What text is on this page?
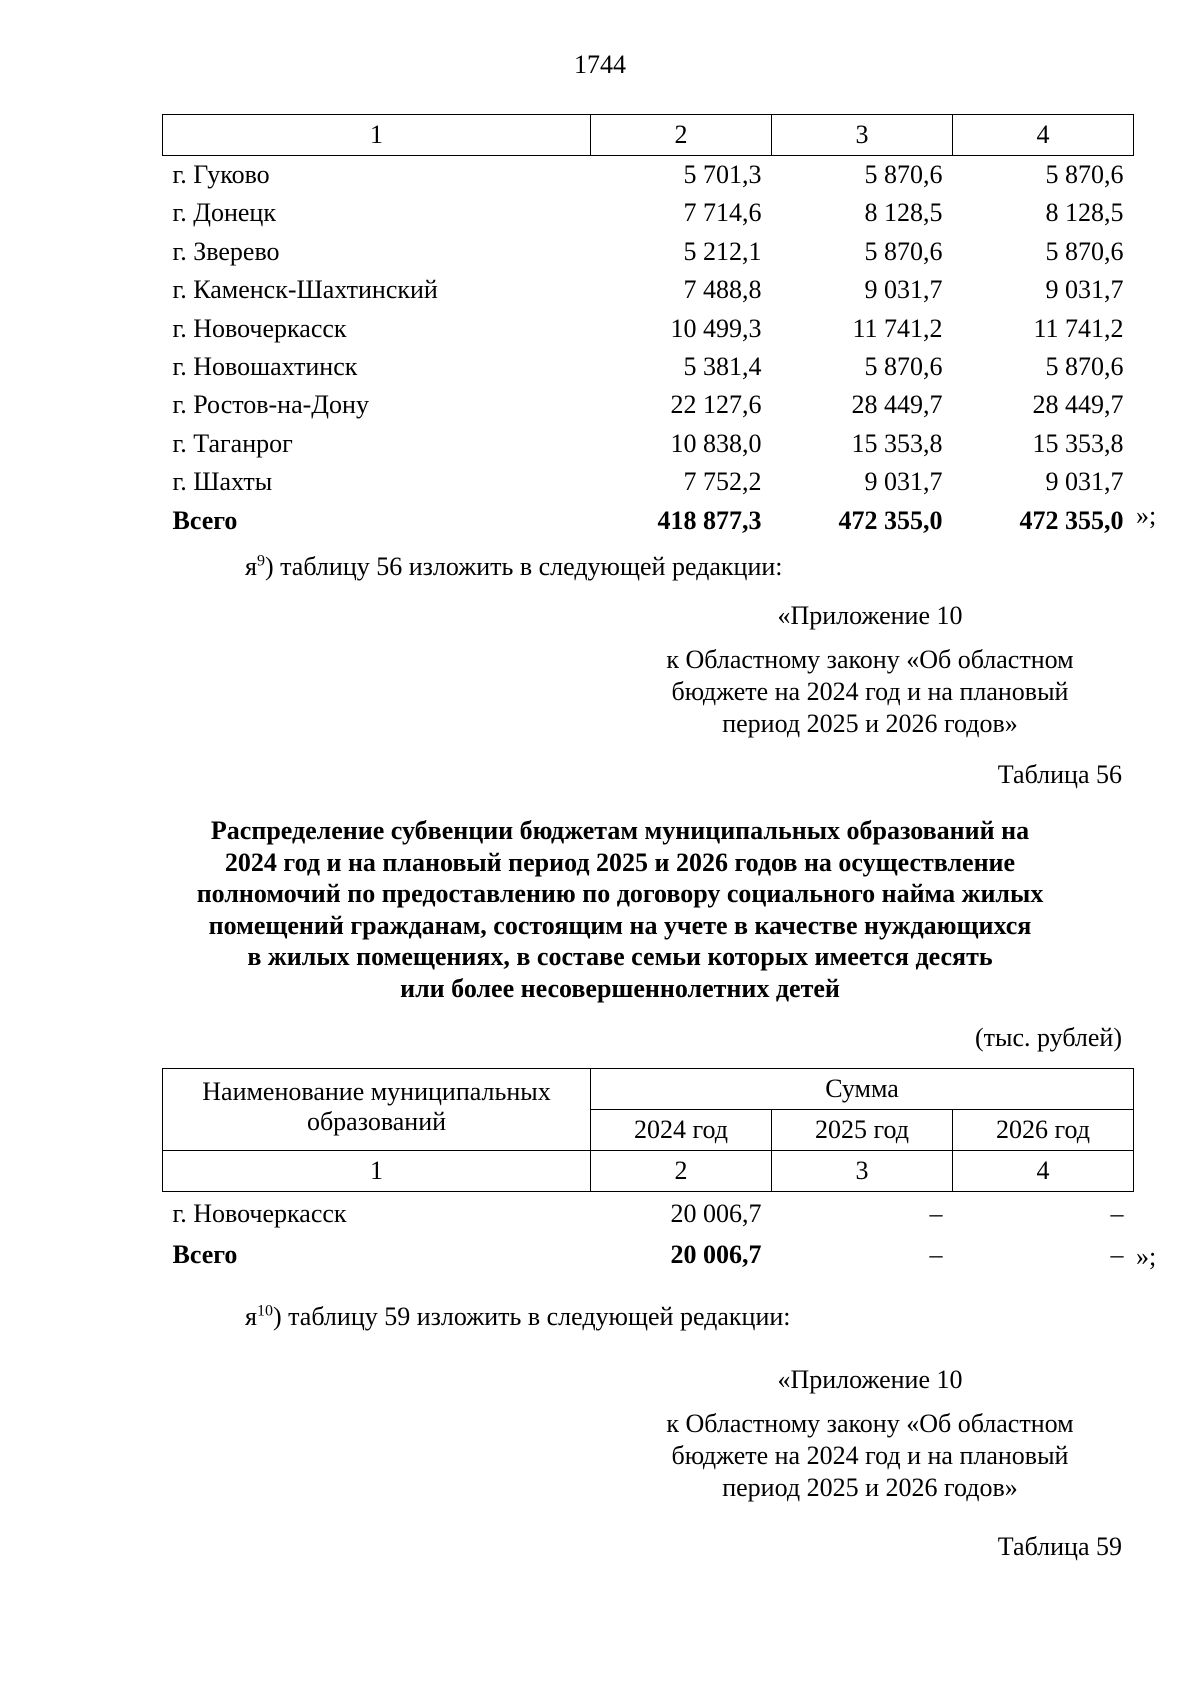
1744
1	2	3	4
г. Гуково	5 701,3	5 870,6	5 870,6
г. Донецк	7 714,6	8 128,5	8 128,5
г. Зверево	5 212,1	5 870,6	5 870,6
г. Каменск-Шахтинский	7 488,8	9 031,7	9 031,7
г. Новочеркасск	10 499,3	11 741,2	11 741,2
г. Новошахтинск	5 381,4	5 870,6	5 870,6
г. Ростов-на-Дону	22 127,6	28 449,7	28 449,7
г. Таганрог	10 838,0	15 353,8	15 353,8
г. Шахты	7 752,2	9 031,7	9 031,7
Всего	418 877,3	472 355,0	472 355,0 »;
$я^9$) таблицу 56 изложить в следующей редакции:
«Приложение 10
к Областному закону «Об областном
бюджете на 2024 год и на плановый
период 2025 и 2026 годов»
Таблица 56
Распределение субвенции бюджетам муниципальных образований на
2024 год и на плановый период 2025 и 2026 годов на осуществление
полномочий по предоставлению по договору социального найма жилых
помещений гражданам, состоящим на учете в качестве нуждающихся
в жилых помещениях, в составе семьи которых имеется десять
или более несовершеннолетних детей
(тыс. рублей)
Наименование муниципальных
образований	Сумма		
	2024 год	2025 год	2026 год
1	2	3	4
г. Новочеркасск	20 006,7	–	–
Всего	20 006,7	–	– »;
$я^{10}$) таблицу 59 изложить в следующей редакции:
«Приложение 10
к Областному закону «Об областном
бюджете на 2024 год и на плановый
период 2025 и 2026 годов»
Таблица 59
